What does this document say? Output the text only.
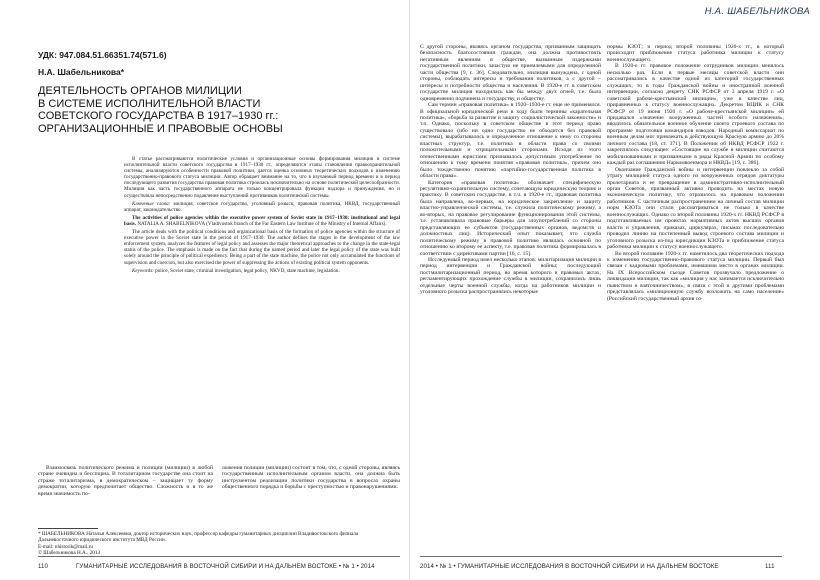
УДК: 947.084.51.66351.74(571.6)
Н.А. Шабельникова*
ДЕЯТЕЛЬНОСТЬ ОРГАНОВ МИЛИЦИИ
В СИСТЕМЕ ИСПОЛНИТЕЛЬНОЙ ВЛАСТИ
СОВЕТСКОГО ГОСУДАРСТВА В 1917–1930 гг.:
ОРГАНИЗАЦИОННЫЕ И ПРАВОВЫЕ ОСНОВЫ

В статье рассматриваются политические условия и организационные основы формирования милиции в системе исполнительной власти советского государства в 1917–1930 гг., определяются этапы становления правоохранительной системы, анализируются особенности правовой политики, дается оценка основных теоретических подходов к изменению государственно-правового статуса милиции. Автор обращает внимание на то, что в изучаемый период времени и в период последующего развития государства правовая политика строилась исключительно на основе политической целесообразности. Милиция как часть государственного аппарата не только концентрировала функции надзора и принуждения, но и осуществляла непосредственно подавление выступлений противников политической системы.

Ключевые слова: милиция, советское государство, уголовный розыск, правовая политика, НКВД, государственный аппарат, законодательство.

The activities of police agencies within the executive power system of Soviet state in 1917–1930: institutional and legal basis. NATALIA A. SHABELNIKOVA (Vladivostok branch of the Far Eastern Law Institute of the Ministry of Internal Affairs).

The article deals with the political conditions and organizational basis of the formation of police agencies within the structure of executive power in the Soviet state in the period of 1917–1930. The author defines the stages in the development of the law enforcement system, analyzes the features of legal policy and assesses the major theoretical approaches to the change in the state-legal status of the police. The emphasis is made on the fact that during the named period and later the legal policy of the state was built solely around the principle of political expediency. Being a part of the state machine, the police not only accumulated the functions of supervision and coercion, but also exercised the power of suppressing the actions of existing political system opponents.

Keywords: police, Soviet state, criminal investigation, legal policy, NKVD, state machine, legislation.

Взаимосвязь политического режима и полиции (милиции) в любой стране очевидна и бесспорна. В тоталитарном государстве она стоит на страже тоталитаризма, в демократическом – защищает ту форму демократии, которую предпочитает общество. Сложность и в то же время значимость по-

ложения полиции (милиции) состоит в том, что, с одной стороны, являясь государственным исполнительным органом власти, она должна быть инструментом реализации политики государства в вопросах охраны общественного порядка и борьбы с преступностью и правонарушениями.

* ШАБЕЛЬНИКОВА Наталья Алексеевна, доктор исторических наук, профессор кафедры гуманитарных дисциплин Владивостокского филиала Дальневосточного юридического института МВД России.
E-mail: nhistorik@mail.ru
© Шабельникова Н.А., 2013
110	ГУМАНИТАРНЫЕ ИССЛЕДОВАНИЯ В ВОСТОЧНОЙ СИБИРИ И НА ДАЛЬНЕМ ВОСТОКЕ • № 1 • 2014
Н.А. ШАБЕЛЬНИКОВА

С другой стороны, являясь органом государства, призванным защищать безопасность благосостояния граждан, она должна противостоять негативным явлениям в обществе, вызванным издержками государственной политики, зачастую не приемлемыми для определенной части общества [9, с. 36]. Следовательно, милиция вынуждена, с одной стороны, соблюдать интересы и требования политиков, а с другой – интересы и потребности общества и населения. В 1920-е гг. в советском государстве милиция находилась как бы между двух огней, т.е. была одновременно подчинена и государству, и обществу.

Сам термин «правовая политика» в 1920–1930-е гг. еще не применялся. В официальной юридической речи в ходу были термины «карательная политика», «борьба за развитие и защиту социалистической законности» и т.п. Однако, поскольку в советском обществе в этот период право существовало (ибо ни одно государство не обходится без правовой системы), вырабатывалось и определенное отношение к нему со стороны властных структур, т.е. политика в области права со своими положительными и отрицательными сторонами. Исходя из этого отечественными юристами признавалось допустимым употребление по отношению к тому времени понятия «правовая политика», причем оно было тождественно понятию «партийно-государственная политика в области права».

Категория «правовая политика» обозначает специфическую регулятивно-охранительную систему, сочетающую юридическую теорию и практику. В советском государстве, в т.ч. в 1920-е гг., правовая политика была направлена, во-первых, на юридическое закрепление и защиту властно-управленческой системы, т.е. служила политическому режиму, а во-вторых, на правовое регулирование функционирования этой системы, т.е. устанавливала правовые барьеры для злоупотреблений со стороны представляющих ее субъектов (государственных органов, ведомств и должностных лиц). Исторический опыт показывает, что служба политическому режиму в правовой политике являлась основной по отношению ко второму ее аспекту, т.е. правовая политика формировалась в соответствии с директивами партии [16, с. 15].

Исследуемый период имел несколько этапов: милитаризация милиции в период интервенции и Гражданской войны; последующий постмилитаризационный период, во время которого в правовых актах, регламентирующих прохождение службы в милиции, сохранились лишь отдельные черты военной службы, когда на работников милиции и уголовного розыска распространялись некоторые

нормы КЗОТ; и период второй половины 1920-х гг., в который происходит приближение статуса работника милиции к статусу военнослужащего.

В 1920-е гг. правовое положение сотрудников милиции менялось несколько раз. Если в первые месяцы советской власти они рассматривались в качестве одной из категорий государственных служащих, то в годы Гражданской войны и иностранной военной интервенции, согласно декрету СНК РСФСР от 3 апреля 1919 г. «О советской рабоче-крестьянской милиции», уже в качестве лиц, приравненных к статусу военнослужащих. Декретом ВЦИК и СНК РСФСР от 19 июня 1920 г. «О рабоче-крестьянской милиции» ей придавался «значение вооруженных частей особого назначения», вводилось обязательное военное обучение своего строевого состава по программе подготовки командиров взводов. Народный комиссариат по военным делам мог привлекать в действующую Красную армию до 20% личного состава [18, ст. 371]. В Положении об НКВД РСФСР 1922 г. закреплялось следующее: «Состоящие на службе в милиции считаются мобилизованными и призванными в ряды Красной Армии по особому каждый раз соглашению Наркомвоенмора и НКВД» [19, с. 386].

Окончание Гражданской войны и интервенции повлекло за собой утрату милицией статуса одного из вооруженных отрядов диктатуры пролетариата и ее превращение в административно-исполнительный орган Советов, призванный активно проводить на местах новую экономическую политику, что отразилось на правовом положении работников. С частичным распространением на личный состав милиции норм КЗОТа они стали рассматриваться не только в качестве военнослужащих. Однако со второй половины 1920-х гг. НКВД РСФСР в подготавливаемых им проектах нормативных актов высших органов власти и управления, приказах, циркулярах, письмах последовательно проводил линию на постепенный вывод строевого состава милиции и уголовного розыска из-под юрисдикции КЗОТа и приближение статуса работника милиции к статусу военнослужащего.

Во второй половине 1920-х гг. наметилось два теоретических подхода к изменению государственно-правового статуса милиции. Первый был связан с кадровыми проблемами, имевшими место в органах милиции. На IX Всероссийском съезде Советов прозвучало предложение о ликвидации милиции, так как «милиция у нас занимается исключительно пьянством и взяточничеством», в связи с этой и другими проблемами представлялась «милиционную службу возложить на само население» (Российский государственный архив со-

2014 • № 1 • ГУМАНИТАРНЫЕ ИССЛЕДОВАНИЯ В ВОСТОЧНОЙ СИБИРИ И НА ДАЛЬНЕМ ВОСТОКЕ	111
